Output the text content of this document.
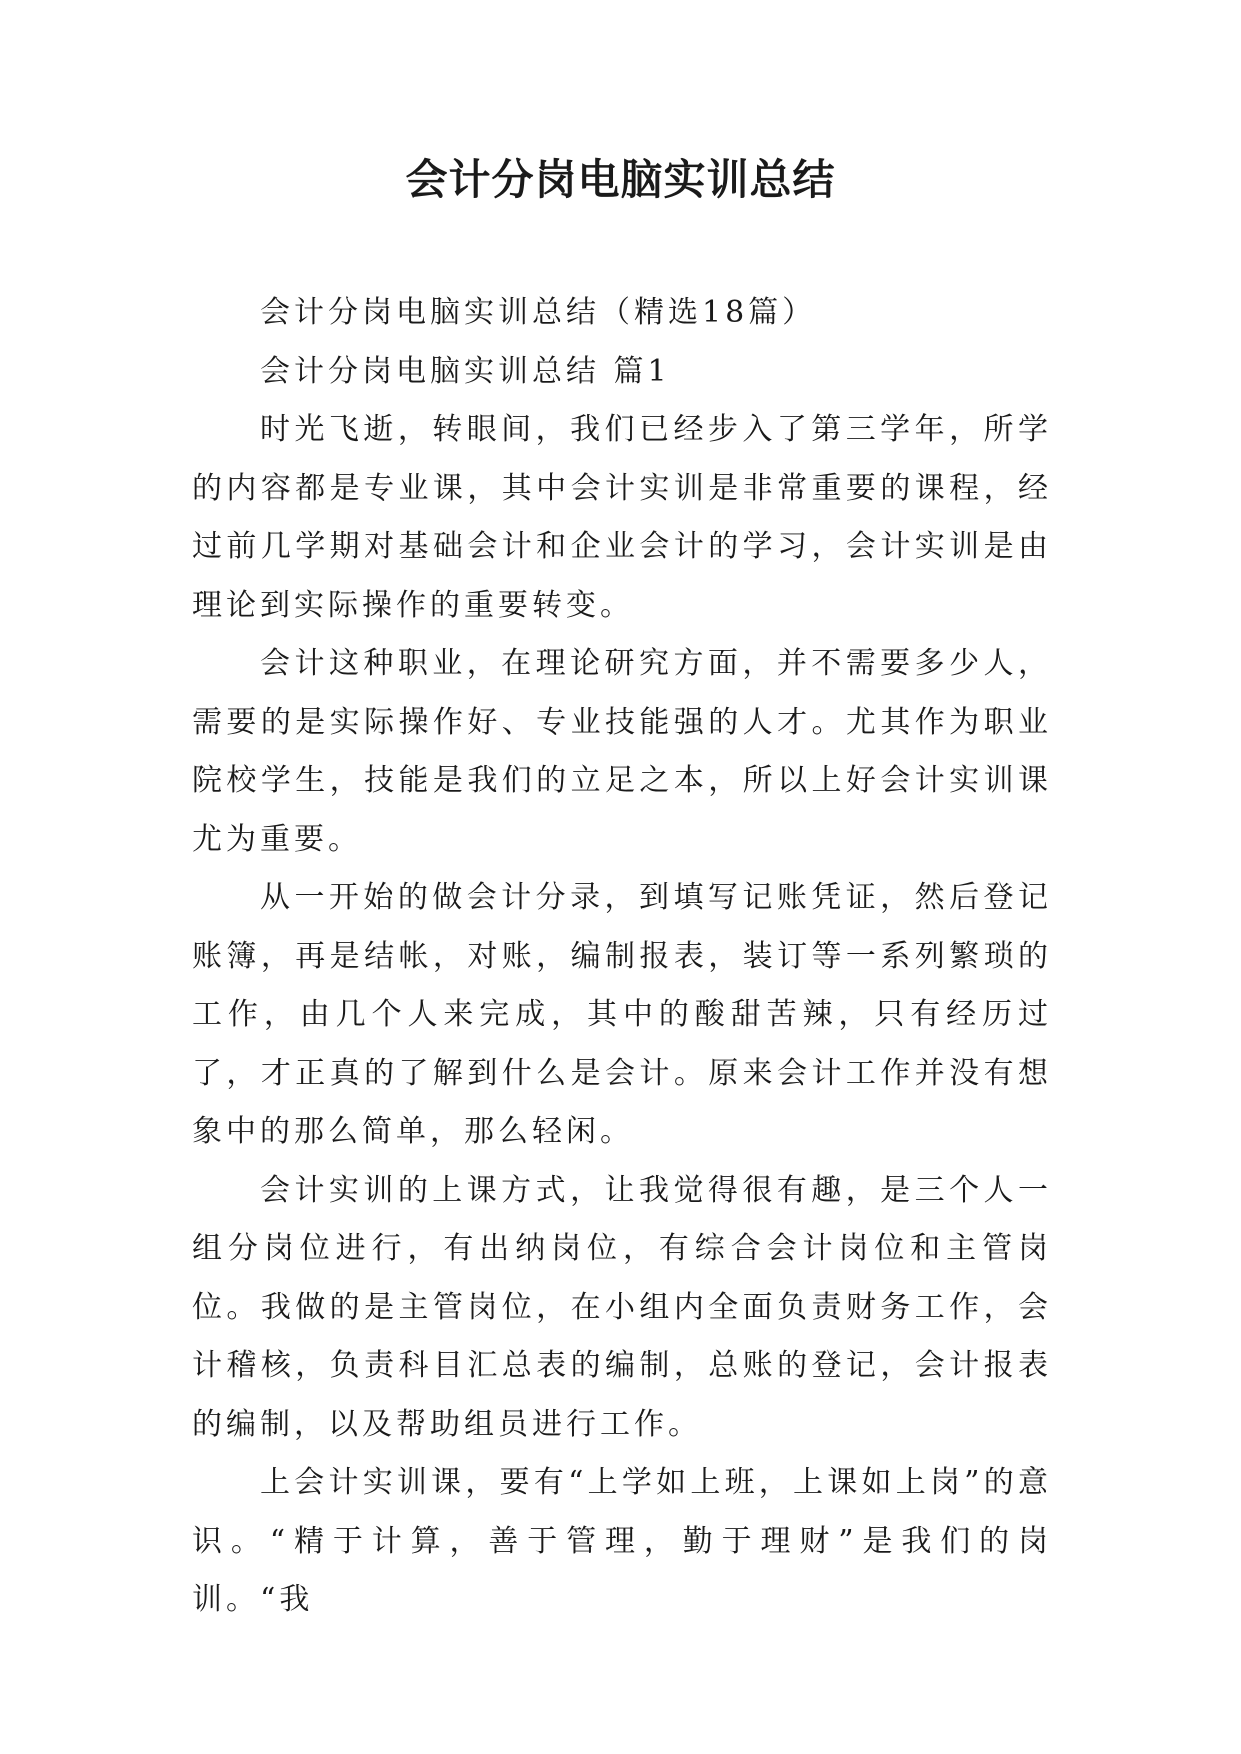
会计分岗电脑实训总结

会计分岗电脑实训总结（精选18篇）

会计分岗电脑实训总结 篇1

时光飞逝，转眼间，我们已经步入了第三学年，所学的内容都是专业课，其中会计实训是非常重要的课程，经过前几学期对基础会计和企业会计的学习，会计实训是由理论到实际操作的重要转变。

会计这种职业，在理论研究方面，并不需要多少人，需要的是实际操作好、专业技能强的人才。尤其作为职业院校学生，技能是我们的立足之本，所以上好会计实训课尤为重要。

从一开始的做会计分录，到填写记账凭证，然后登记账簿，再是结帐，对账，编制报表，装订等一系列繁琐的工作，由几个人来完成，其中的酸甜苦辣，只有经历过了，才正真的了解到什么是会计。原来会计工作并没有想象中的那么简单，那么轻闲。

会计实训的上课方式，让我觉得很有趣，是三个人一组分岗位进行，有出纳岗位，有综合会计岗位和主管岗位。我做的是主管岗位，在小组内全面负责财务工作，会计稽核，负责科目汇总表的编制，总账的登记，会计报表的编制，以及帮助组员进行工作。

上会计实训课，要有“上学如上班，上课如上岗”的意识。“精于计算，善于管理，勤于理财”是我们的岗训。“我
